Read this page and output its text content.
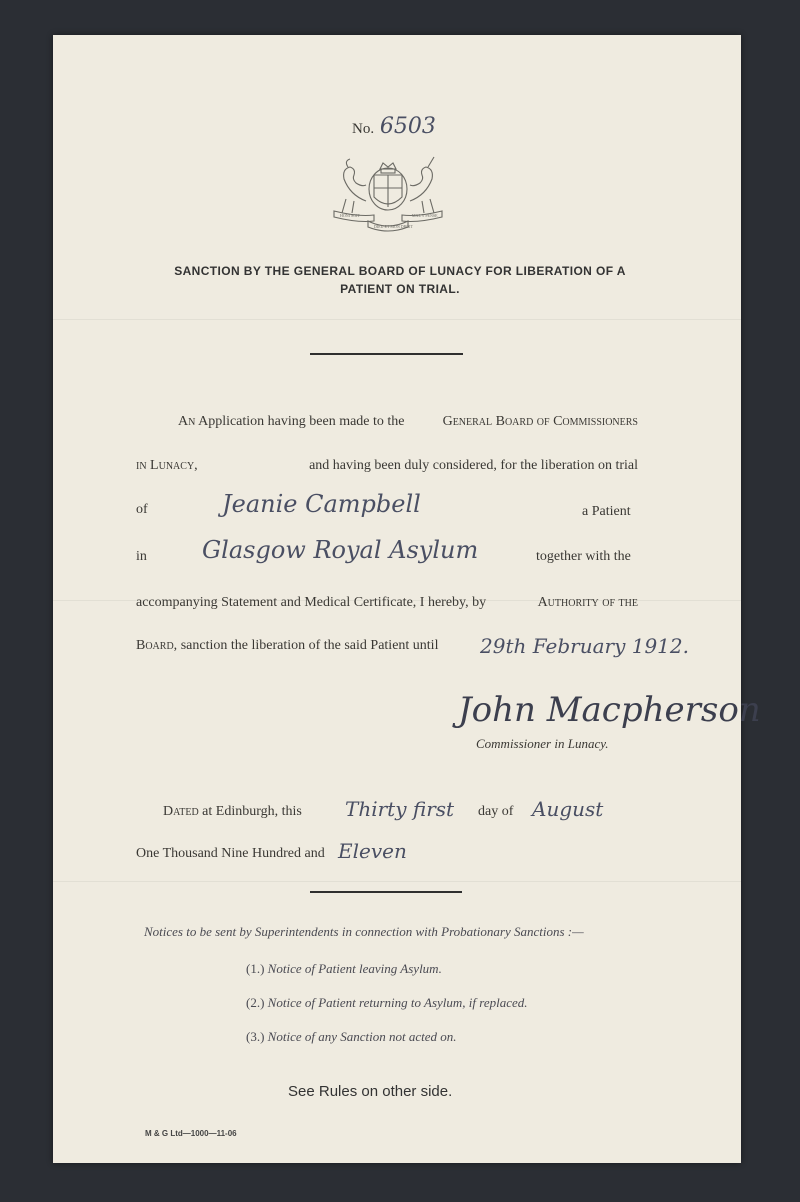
No. 6503
HONI SOIT	MAL Y PENSE
DIEU ET MON DROIT
SANCTION BY THE GENERAL BOARD OF LUNACY FOR LIBERATION OF A
PATIENT ON TRIAL.
An Application having been made to the	General Board of Commissioners
in Lunacy,	and having been duly considered, for the liberation on trial
of	Jeanie Campbell	a Patient
in Glasgow Royal Asylum	together with the
accompanying Statement and Medical Certificate, I hereby, by	Authority of the
Board, sanction the liberation of the said Patient until 29th February 1912.
John Macpherson
Commissioner in Lunacy.
Dated at Edinburgh, this Thirty first day of August
One Thousand Nine Hundred and Eleven
Notices to be sent by Superintendents in connection with Probationary Sanctions :—
(1.) Notice of Patient leaving Asylum.
(2.) Notice of Patient returning to Asylum, if replaced.
(3.) Notice of any Sanction not acted on.
See Rules on other side.
M & G Ltd—1000—11-06
